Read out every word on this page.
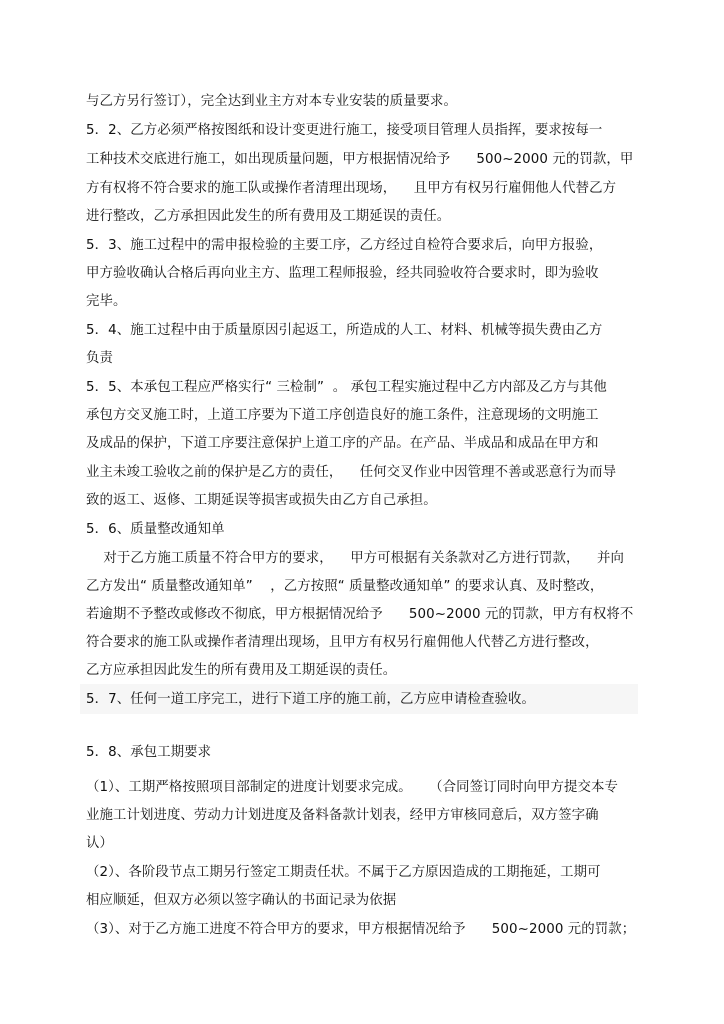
与乙方另行签订），完全达到业主方对本专业安装的质量要求。
5．2、乙方必须严格按图纸和设计变更进行施工，接受项目管理人员指挥，要求按每一
工种技术交底进行施工，如出现质量问题，甲方根据情况给予      500~2000 元的罚款，甲
方有权将不符合要求的施工队或操作者清理出现场，    且甲方有权另行雇佣他人代替乙方
进行整改，乙方承担因此发生的所有费用及工期延误的责任。
5．3、施工过程中的需申报检验的主要工序，乙方经过自检符合要求后，向甲方报验，
甲方验收确认合格后再向业主方、监理工程师报验，经共同验收符合要求时，即为验收
完毕。
5．4、施工过程中由于质量原因引起返工，所造成的人工、材料、机械等损失费由乙方
负责
5．5、本承包工程应严格实行“ 三检制”  。 承包工程实施过程中乙方内部及乙方与其他
承包方交叉施工时，上道工序要为下道工序创造良好的施工条件，注意现场的文明施工
及成品的保护，下道工序要注意保护上道工序的产品。在产品、半成品和成品在甲方和
业主未竣工验收之前的保护是乙方的责任，    任何交叉作业中因管理不善或恶意行为而导
致的返工、返修、工期延误等损害或损失由乙方自己承担。
5．6、质量整改通知单
对于乙方施工质量不符合甲方的要求，    甲方可根据有关条款对乙方进行罚款，    并向
乙方发出“ 质量整改通知单”    ，乙方按照“ 质量整改通知单” 的要求认真、及时整改，
若逾期不予整改或修改不彻底，甲方根据情况给予      500~2000 元的罚款，甲方有权将不
符合要求的施工队或操作者清理出现场，且甲方有权另行雇佣他人代替乙方进行整改，
乙方应承担因此发生的所有费用及工期延误的责任。
5．7、任何一道工序完工，进行下道工序的施工前，乙方应申请检查验收。
5．8、承包工期要求
（1）、工期严格按照项目部制定的进度计划要求完成。    （合同签订同时向甲方提交本专
业施工计划进度、劳动力计划进度及备料备款计划表，经甲方审核同意后，双方签字确
认）
（2）、各阶段节点工期另行签定工期责任状。不属于乙方原因造成的工期拖延，工期可
相应顺延，但双方必须以签字确认的书面记录为依据
（3）、对于乙方施工进度不符合甲方的要求，甲方根据情况给予      500~2000 元的罚款；
